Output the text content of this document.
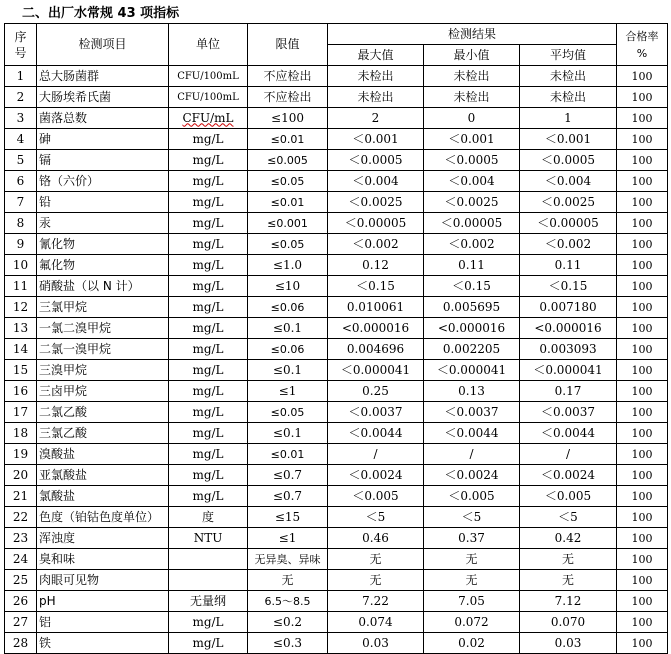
二、出厂水常规 43 项指标
序
号	检测项目	单位	限值	检测结果			合格率
%
				最大值	最小值	平均值	
1	总大肠菌群	CFU/100mL	不应检出	未检出	未检出	未检出	100
2	大肠埃希氏菌	CFU/100mL	不应检出	未检出	未检出	未检出	100
3	菌落总数	CFU/mL	≤100	2	0	1	100
4	砷	mg/L	≤0.01	＜0.001	＜0.001	＜0.001	100
5	镉	mg/L	≤0.005	＜0.0005	＜0.0005	＜0.0005	100
6	铬（六价）	mg/L	≤0.05	＜0.004	＜0.004	＜0.004	100
7	铅	mg/L	≤0.01	＜0.0025	＜0.0025	＜0.0025	100
8	汞	mg/L	≤0.001	＜0.00005	＜0.00005	＜0.00005	100
9	氰化物	mg/L	≤0.05	＜0.002	＜0.002	＜0.002	100
10	氟化物	mg/L	≤1.0	0.12	0.11	0.11	100
11	硝酸盐（以 N 计）	mg/L	≤10	＜0.15	＜0.15	＜0.15	100
12	三氯甲烷	mg/L	≤0.06	0.010061	0.005695	0.007180	100
13	一氯二溴甲烷	mg/L	≤0.1	<0.000016	<0.000016	<0.000016	100
14	二氯一溴甲烷	mg/L	≤0.06	0.004696	0.002205	0.003093	100
15	三溴甲烷	mg/L	≤0.1	＜0.000041	＜0.000041	＜0.000041	100
16	三卤甲烷	mg/L	≤1	0.25	0.13	0.17	100
17	二氯乙酸	mg/L	≤0.05	＜0.0037	＜0.0037	＜0.0037	100
18	三氯乙酸	mg/L	≤0.1	＜0.0044	＜0.0044	＜0.0044	100
19	溴酸盐	mg/L	≤0.01	/	/	/	100
20	亚氯酸盐	mg/L	≤0.7	＜0.0024	＜0.0024	＜0.0024	100
21	氯酸盐	mg/L	≤0.7	＜0.005	＜0.005	＜0.005	100
22	色度（铂钴色度单位）	度	≤15	＜5	＜5	＜5	100
23	浑浊度	NTU	≤1	0.46	0.37	0.42	100
24	臭和味		无异臭、异味	无	无	无	100
25	肉眼可见物		无	无	无	无	100
26	pH	无量纲	6.5～8.5	7.22	7.05	7.12	100
27	铝	mg/L	≤0.2	0.074	0.072	0.070	100
28	铁	mg/L	≤0.3	0.03	0.02	0.03	100
